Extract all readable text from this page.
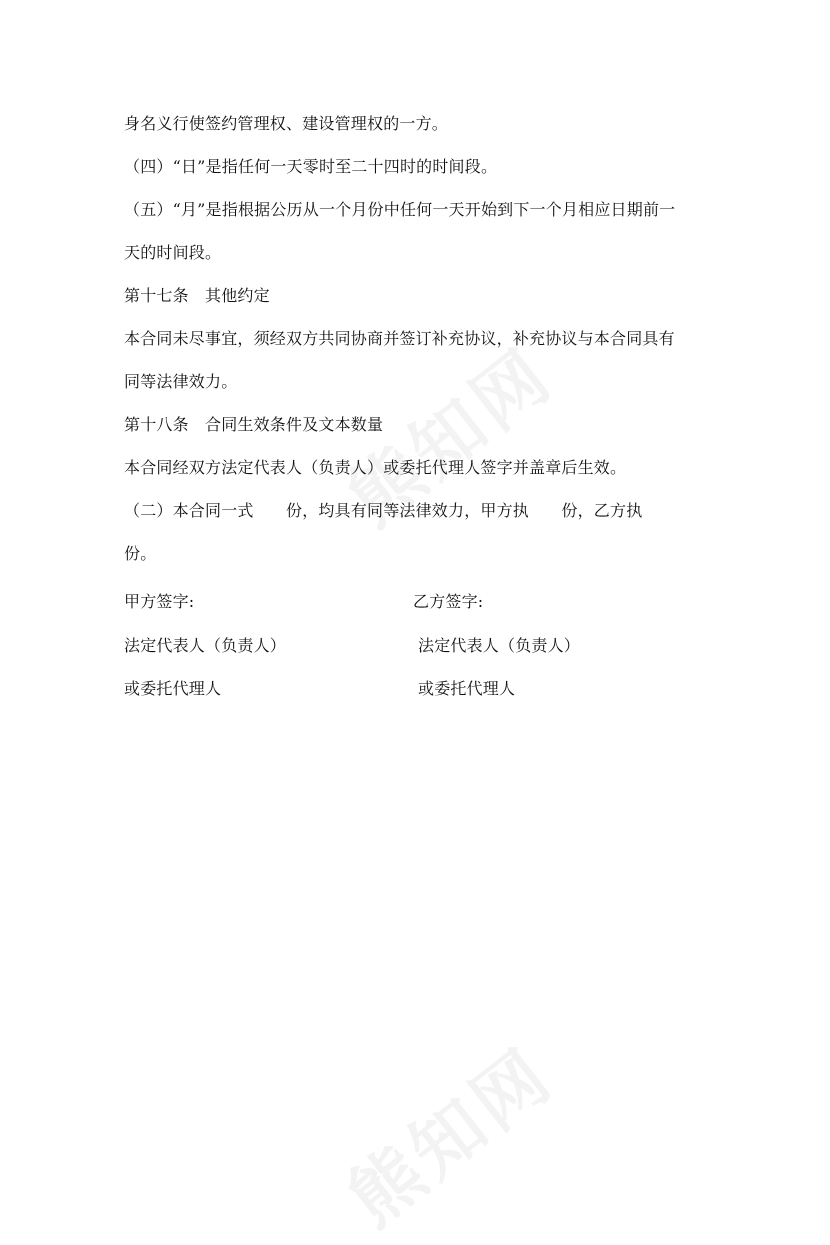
身名义行使签约管理权、建设管理权的一方。
（四）“日”是指任何一天零时至二十四时的时间段。
（五）“月”是指根据公历从一个月份中任何一天开始到下一个月相应日期前一
天的时间段。
第十七条　其他约定
本合同未尽事宜，须经双方共同协商并签订补充协议，补充协议与本合同具有
同等法律效力。
第十八条　合同生效条件及文本数量
本合同经双方法定代表人（负责人）或委托代理人签字并盖章后生效。
（二）本合同一式　　份，均具有同等法律效力，甲方执　　份，乙方执
份。
甲方签字:
法定代表人（负责人）
或委托代理人
乙方签字:
法定代表人（负责人）
或委托代理人
